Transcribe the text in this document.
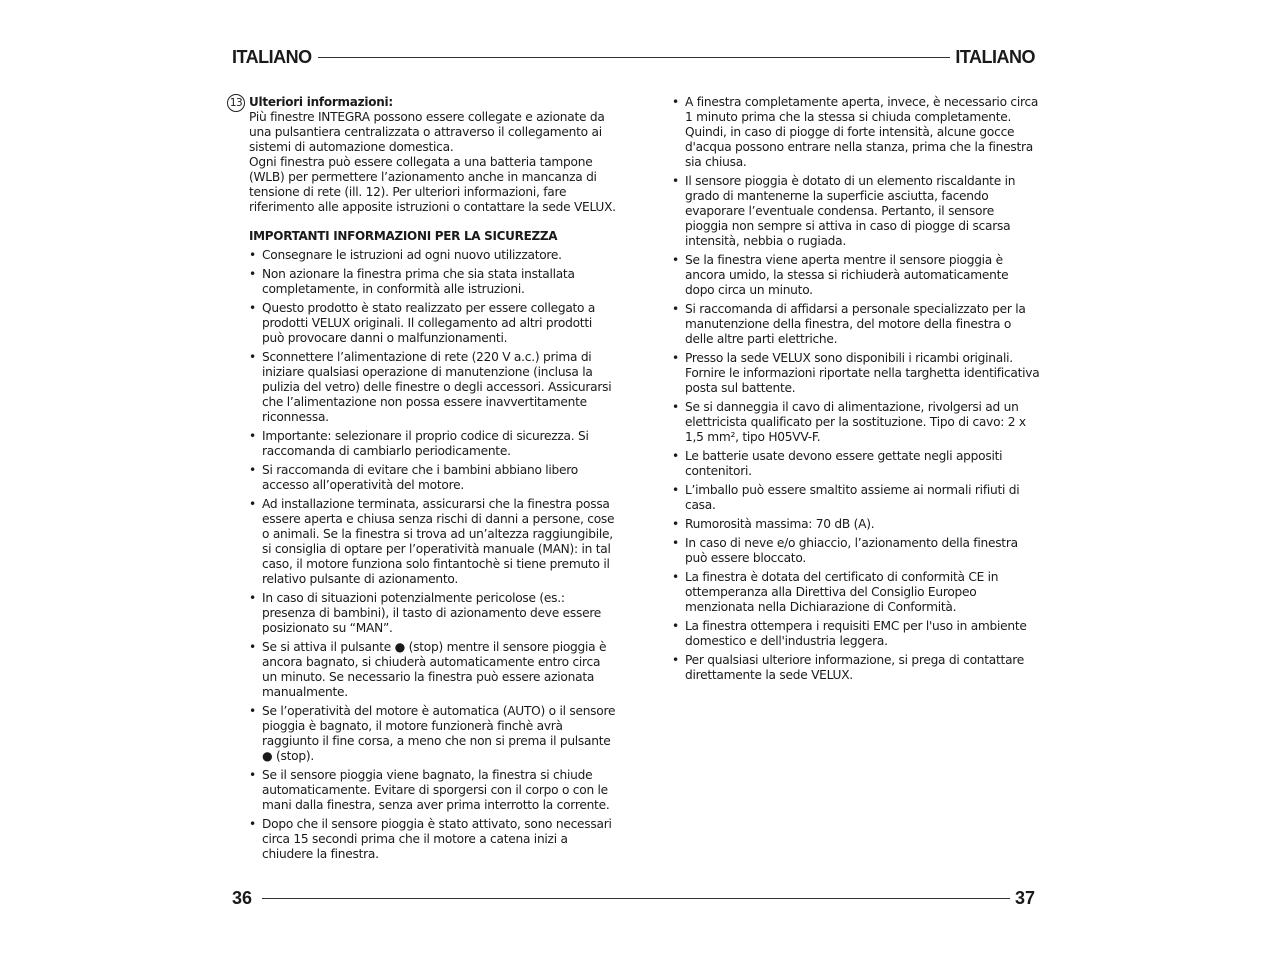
ITALIANO	ITALIANO
13 Ulteriori informazioni:

Più finestre INTEGRA possono essere collegate e azionate da una pulsantiera centralizzata o attraverso il collegamento ai sistemi di automazione domestica.

Ogni finestra può essere collegata a una batteria tampone (WLB) per permettere l’azionamento anche in mancanza di tensione di rete (ill. 12). Per ulteriori informazioni, fare riferimento alle apposite istruzioni o contattare la sede VELUX.

IMPORTANTI INFORMAZIONI PER LA SICUREZZA
• Consegnare le istruzioni ad ogni nuovo utilizzatore.
• Non azionare la finestra prima che sia stata installata completamente, in conformità alle istruzioni.
• Questo prodotto è stato realizzato per essere collegato a prodotti VELUX originali. Il collegamento ad altri prodotti può provocare danni o malfunzionamenti.
• Sconnettere l’alimentazione di rete (220 V a.c.) prima di iniziare qualsiasi operazione di manutenzione (inclusa la pulizia del vetro) delle finestre o degli accessori. Assicurarsi che l’alimentazione non possa essere inavvertitamente riconnessa.
• Importante: selezionare il proprio codice di sicurezza. Si raccomanda di cambiarlo periodicamente.
• Si raccomanda di evitare che i bambini abbiano libero accesso all’operatività del motore.
• Ad installazione terminata, assicurarsi che la finestra possa essere aperta e chiusa senza rischi di danni a persone, cose o animali. Se la finestra si trova ad un’altezza raggiungibile, si consiglia di optare per l’operatività manuale (MAN): in tal caso, il motore funziona solo fintantochè si tiene premuto il relativo pulsante di azionamento.
• In caso di situazioni potenzialmente pericolose (es.: presenza di bambini), il tasto di azionamento deve essere posizionato su “MAN”.
• Se si attiva il pulsante ● (stop) mentre il sensore pioggia è ancora bagnato, si chiuderà automaticamente entro circa un minuto. Se necessario la finestra può essere azionata manualmente.
• Se l’operatività del motore è automatica (AUTO) o il sensore pioggia è bagnato, il motore funzionerà finchè avrà raggiunto il fine corsa, a meno che non si prema il pulsante ● (stop).
• Se il sensore pioggia viene bagnato, la finestra si chiude automaticamente. Evitare di sporgersi con il corpo o con le mani dalla finestra, senza aver prima interrotto la corrente.
• Dopo che il sensore pioggia è stato attivato, sono necessari circa 15 secondi prima che il motore a catena inizi a chiudere la finestra.
• A finestra completamente aperta, invece, è necessario circa 1 minuto prima che la stessa si chiuda completamente. Quindi, in caso di piogge di forte intensità, alcune gocce d'acqua possono entrare nella stanza, prima che la finestra sia chiusa.
• Il sensore pioggia è dotato di un elemento riscaldante in grado di mantenerne la superficie asciutta, facendo evaporare l’eventuale condensa. Pertanto, il sensore pioggia non sempre si attiva in caso di piogge di scarsa intensità, nebbia o rugiada.
• Se la finestra viene aperta mentre il sensore pioggia è ancora umido, la stessa si richiuderà automaticamente dopo circa un minuto.
• Si raccomanda di affidarsi a personale specializzato per la manutenzione della finestra, del motore della finestra o delle altre parti elettriche.
• Presso la sede VELUX sono disponibili i ricambi originali. Fornire le informazioni riportate nella targhetta identificativa posta sul battente.
• Se si danneggia il cavo di alimentazione, rivolgersi ad un elettricista qualificato per la sostituzione. Tipo di cavo: 2 x 1,5 mm², tipo H05VV-F.
• Le batterie usate devono essere gettate negli appositi contenitori.
• L’imballo può essere smaltito assieme ai normali rifiuti di casa.
• Rumorosità massima: 70 dB (A).
• In caso di neve e/o ghiaccio, l’azionamento della finestra può essere bloccato.
• La finestra è dotata del certificato di conformità CE in ottemperanza alla Direttiva del Consiglio Europeo menzionata nella Dichiarazione di Conformità.
• La finestra ottempera i requisiti EMC per l'uso in ambiente domestico e dell'industria leggera.
• Per qualsiasi ulteriore informazione, si prega di contattare direttamente la sede VELUX.
36	37
